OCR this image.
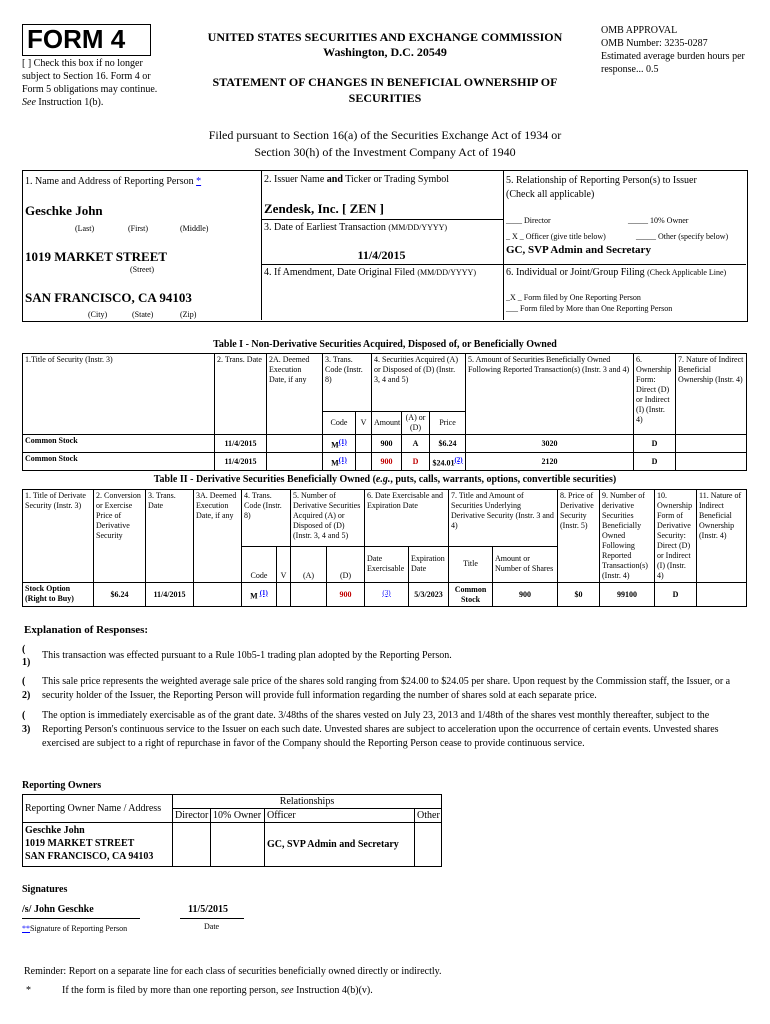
FORM 4
[ ] Check this box if no longer subject to Section 16. Form 4 or Form 5 obligations may continue. See Instruction 1(b).
UNITED STATES SECURITIES AND EXCHANGE COMMISSION
Washington, D.C. 20549
STATEMENT OF CHANGES IN BENEFICIAL OWNERSHIP OF SECURITIES
OMB APPROVAL
OMB Number: 3235-0287
Estimated average burden hours per response... 0.5
Filed pursuant to Section 16(a) of the Securities Exchange Act of 1934 or
Section 30(h) of the Investment Company Act of 1940
1. Name and Address of Reporting Person *
Geschke John
(Last)	(First)	(Middle)
1019 MARKET STREET
(Street)
SAN FRANCISCO, CA 94103
(City)	(State)	(Zip)
2. Issuer Name and Ticker or Trading Symbol
Zendesk, Inc. [ ZEN ]
3. Date of Earliest Transaction (MM/DD/YYYY)
11/4/2015
4. If Amendment, Date Original Filed (MM/DD/YYYY)
5. Relationship of Reporting Person(s) to Issuer
(Check all applicable)
____ Director	_____ 10% Owner
_ X _ Officer (give title below)	_____ Other (specify below)
GC, SVP Admin and Secretary
6. Individual or Joint/Group Filing (Check Applicable Line)
_X _ Form filed by One Reporting Person
___ Form filed by More than One Reporting Person
Table I - Non-Derivative Securities Acquired, Disposed of, or Beneficially Owned
1.Title of Security (Instr. 3)	2. Trans. Date	2A. Deemed Execution Date, if any	3. Trans. Code (Instr. 8)		4. Securities Acquired (A) or Disposed of (D) (Instr. 3, 4 and 5)			5. Amount of Securities Beneficially Owned Following Reported Transaction(s) (Instr. 3 and 4)	6. Ownership Form: Direct (D) or Indirect (I) (Instr. 4)	7. Nature of Indirect Beneficial Ownership (Instr. 4)
			Code	V	Amount	(A) or (D)	Price			
Common Stock	11/4/2015		M(1)		900	A	$6.24	3020	D	
Common Stock	11/4/2015		M(1)		900	D	$24.01(2)	2120	D	
Table II - Derivative Securities Beneficially Owned (e.g., puts, calls, warrants, options, convertible securities)
1. Title of Derivate Security (Instr. 3)	2. Conversion or Exercise Price of Derivative Security	3. Trans. Date	3A. Deemed Execution Date, if any	4. Trans. Code (Instr. 8)		5. Number of Derivative Securities Acquired (A) or Disposed of (D) (Instr. 3, 4 and 5)		6. Date Exercisable and Expiration Date		7. Title and Amount of Securities Underlying Derivative Security (Instr. 3 and 4)		8. Price of Derivative Security (Instr. 5)	9. Number of derivative Securities Beneficially Owned Following Reported Transaction(s) (Instr. 4)	10. Ownership Form of Derivative Security: Direct (D) or Indirect (I) (Instr. 4)	11. Nature of Indirect Beneficial Ownership (Instr. 4)
				Code	V	(A)	(D)	Date Exercisable	Expiration Date	Title	Amount or Number of Shares				
Stock Option (Right to Buy)	$6.24	11/4/2015		M (1)			900	(3)	5/3/2023	Common Stock	900	$0	99100	D	
Explanation of Responses:
( 1)
This transaction was effected pursuant to a Rule 10b5-1 trading plan adopted by the Reporting Person.
( 2)
This sale price represents the weighted average sale price of the shares sold ranging from $24.00 to $24.05 per share. Upon request by the Commission staff, the Issuer, or a security holder of the Issuer, the Reporting Person will provide full information regarding the number of shares sold at each separate price.
( 3)
The option is immediately exercisable as of the grant date. 3/48ths of the shares vested on July 23, 2013 and 1/48th of the shares vest monthly thereafter, subject to the Reporting Person's continuous service to the Issuer on each such date. Unvested shares are subject to acceleration upon the occurrence of certain events. Unvested shares exercised are subject to a right of repurchase in favor of the Company should the Reporting Person cease to provide continuous service.
Reporting Owners
Reporting Owner Name / Address	Relationships			
	Director	10% Owner	Officer	Other

Geschke John
1019 MARKET STREET
SAN FRANCISCO, CA 94103			GC, SVP Admin and Secretary	
Signatures
/s/ John Geschke	11/5/2015
**Signature of Reporting Person	Date
Reminder: Report on a separate line for each class of securities beneficially owned directly or indirectly.
*	If the form is filed by more than one reporting person, see Instruction 4(b)(v).
